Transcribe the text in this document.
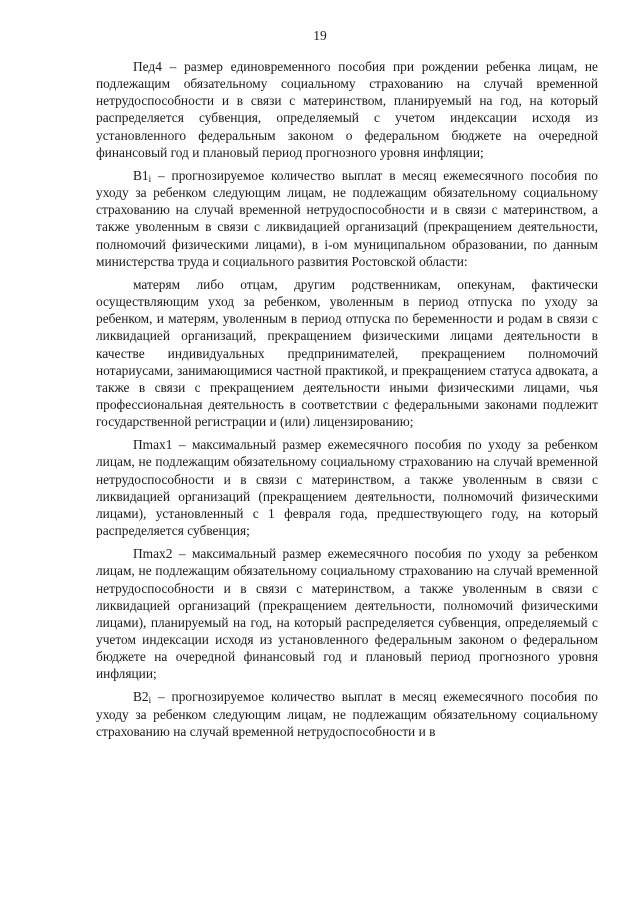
19

Пед4 – размер единовременного пособия при рождении ребенка лицам, не подлежащим обязательному социальному страхованию на случай временной нетрудоспособности и в связи с материнством, планируемый на год, на который распределяется субвенция, определяемый с учетом индексации исходя из установленного федеральным законом о федеральном бюджете на очередной финансовый год и плановый период прогнозного уровня инфляции;

$В1_i$ – прогнозируемое количество выплат в месяц ежемесячного пособия по уходу за ребенком следующим лицам, не подлежащим обязательному социальному страхованию на случай временной нетрудоспособности и в связи с материнством, а также уволенным в связи с ликвидацией организаций (прекращением деятельности, полномочий физическими лицами), в i-ом муниципальном образовании, по данным министерства труда и социального развития Ростовской области:

матерям либо отцам, другим родственникам, опекунам, фактически осуществляющим уход за ребенком, уволенным в период отпуска по уходу за ребенком, и матерям, уволенным в период отпуска по беременности и родам в связи с ликвидацией организаций, прекращением физическими лицами деятельности в качестве индивидуальных предпринимателей, прекращением полномочий нотариусами, занимающимися частной практикой, и прекращением статуса адвоката, а также в связи с прекращением деятельности иными физическими лицами, чья профессиональная деятельность в соответствии с федеральными законами подлежит государственной регистрации и (или) лицензированию;

Пmax1 – максимальный размер ежемесячного пособия по уходу за ребенком лицам, не подлежащим обязательному социальному страхованию на случай временной нетрудоспособности и в связи с материнством, а также уволенным в связи с ликвидацией организаций (прекращением деятельности, полномочий физическими лицами), установленный с 1 февраля года, предшествующего году, на который распределяется субвенция;

Пmax2 – максимальный размер ежемесячного пособия по уходу за ребенком лицам, не подлежащим обязательному социальному страхованию на случай временной нетрудоспособности и в связи с материнством, а также уволенным в связи с ликвидацией организаций (прекращением деятельности, полномочий физическими лицами), планируемый на год, на который распределяется субвенция, определяемый с учетом индексации исходя из установленного федеральным законом о федеральном бюджете на очередной финансовый год и плановый период прогнозного уровня инфляции;

$В2_i$ – прогнозируемое количество выплат в месяц ежемесячного пособия по уходу за ребенком следующим лицам, не подлежащим обязательному социальному страхованию на случай временной нетрудоспособности и в
